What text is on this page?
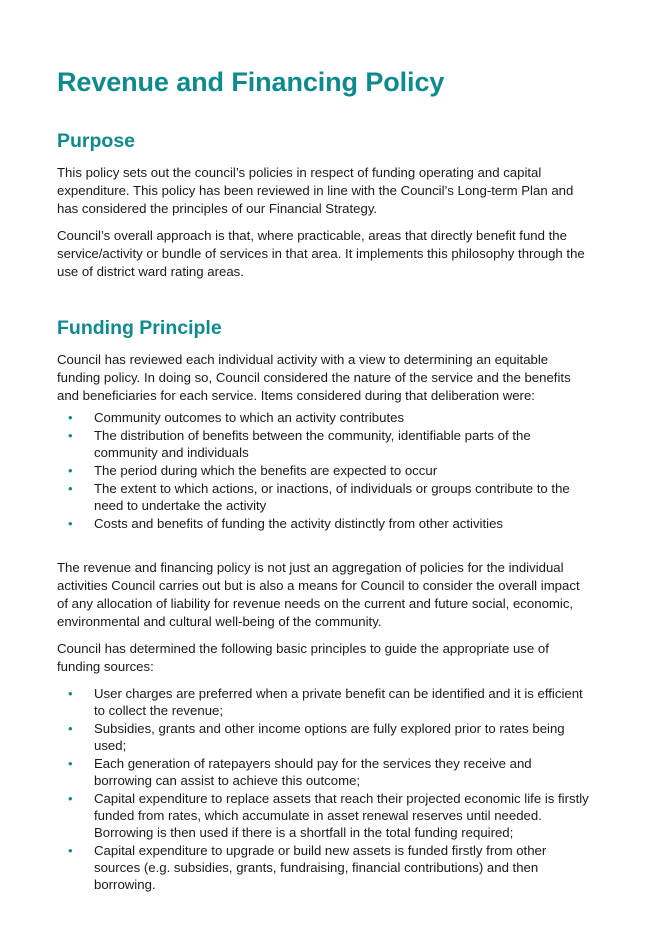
Revenue and Financing Policy
Purpose

This policy sets out the council’s policies in respect of funding operating and capital expenditure. This policy has been reviewed in line with the Council’s Long-term Plan and has considered the principles of our Financial Strategy.

Council’s overall approach is that, where practicable, areas that directly benefit fund the service/activity or bundle of services in that area. It implements this philosophy through the use of district ward rating areas.

Funding Principle

Council has reviewed each individual activity with a view to determining an equitable funding policy. In doing so, Council considered the nature of the service and the benefits and beneficiaries for each service. Items considered during that deliberation were:

• Community outcomes to which an activity contributes
• The distribution of benefits between the community, identifiable parts of the community and individuals
• The period during which the benefits are expected to occur
• The extent to which actions, or inactions, of individuals or groups contribute to the need to undertake the activity
• Costs and benefits of funding the activity distinctly from other activities

The revenue and financing policy is not just an aggregation of policies for the individual activities Council carries out but is also a means for Council to consider the overall impact of any allocation of liability for revenue needs on the current and future social, economic, environmental and cultural well-being of the community.

Council has determined the following basic principles to guide the appropriate use of funding sources:

• User charges are preferred when a private benefit can be identified and it is efficient to collect the revenue;
• Subsidies, grants and other income options are fully explored prior to rates being used;
• Each generation of ratepayers should pay for the services they receive and borrowing can assist to achieve this outcome;
• Capital expenditure to replace assets that reach their projected economic life is firstly funded from rates, which accumulate in asset renewal reserves until needed. Borrowing is then used if there is a shortfall in the total funding required;
• Capital expenditure to upgrade or build new assets is funded firstly from other sources (e.g. subsidies, grants, fundraising, financial contributions) and then borrowing.
